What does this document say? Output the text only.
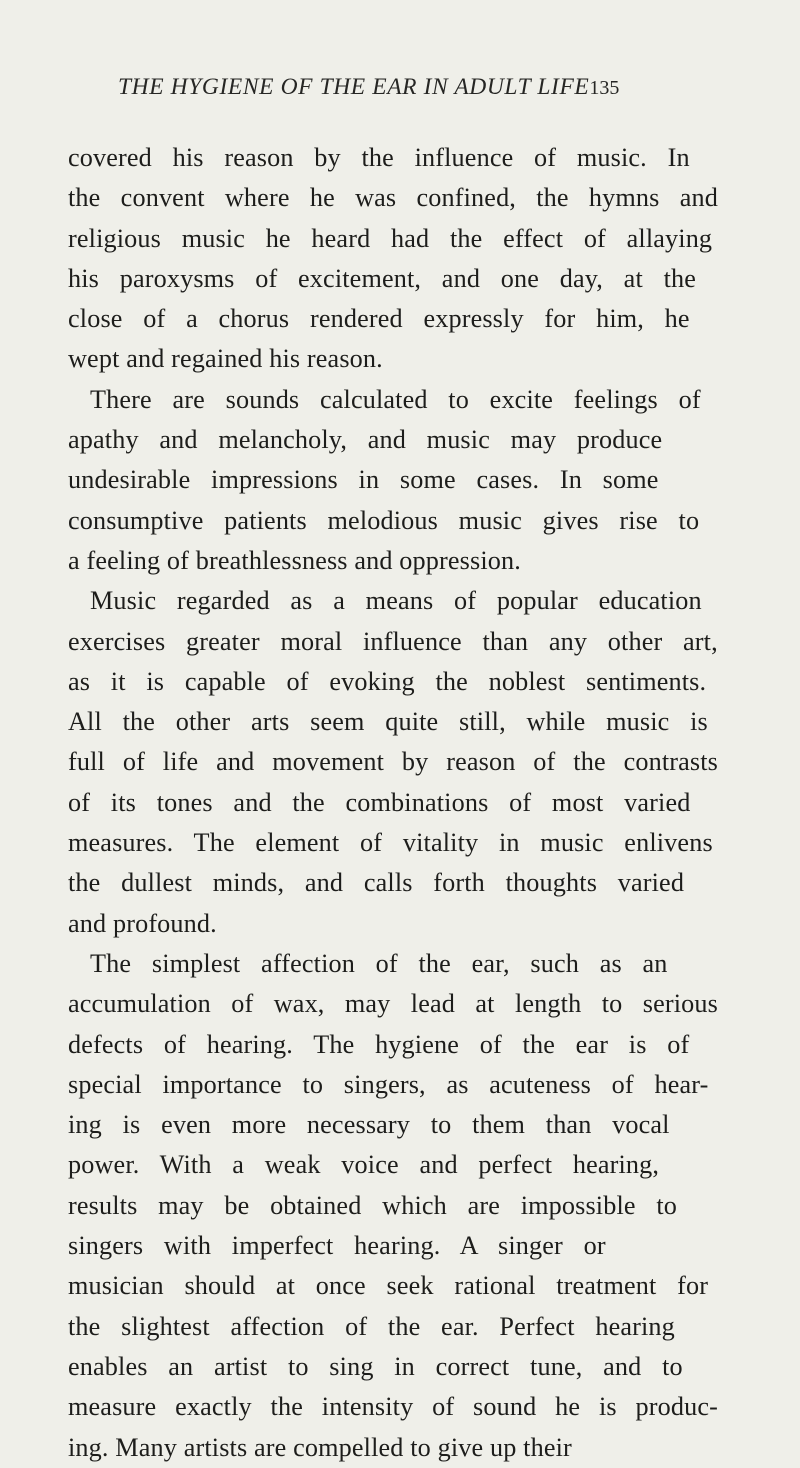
THE HYGIENE OF THE EAR IN ADULT LIFE135
covered his reason by the influence of music. In
the convent where he was confined, the hymns and
religious music he heard had the effect of allaying
his paroxysms of excitement, and one day, at the
close of a chorus rendered expressly for him, he
wept and regained his reason.
There are sounds calculated to excite feelings of
apathy and melancholy, and music may produce
undesirable impressions in some cases. In some
consumptive patients melodious music gives rise to
a feeling of breathlessness and oppression.
Music regarded as a means of popular education
exercises greater moral influence than any other art,
as it is capable of evoking the noblest sentiments.
All the other arts seem quite still, while music is
full of life and movement by reason of the contrasts
of its tones and the combinations of most varied
measures. The element of vitality in music enlivens
the dullest minds, and calls forth thoughts varied
and profound.
The simplest affection of the ear, such as an
accumulation of wax, may lead at length to serious
defects of hearing. The hygiene of the ear is of
special importance to singers, as acuteness of hear-
ing is even more necessary to them than vocal
power. With a weak voice and perfect hearing,
results may be obtained which are impossible to
singers with imperfect hearing. A singer or
musician should at once seek rational treatment for
the slightest affection of the ear. Perfect hearing
enables an artist to sing in correct tune, and to
measure exactly the intensity of sound he is produc-
ing. Many artists are compelled to give up their
